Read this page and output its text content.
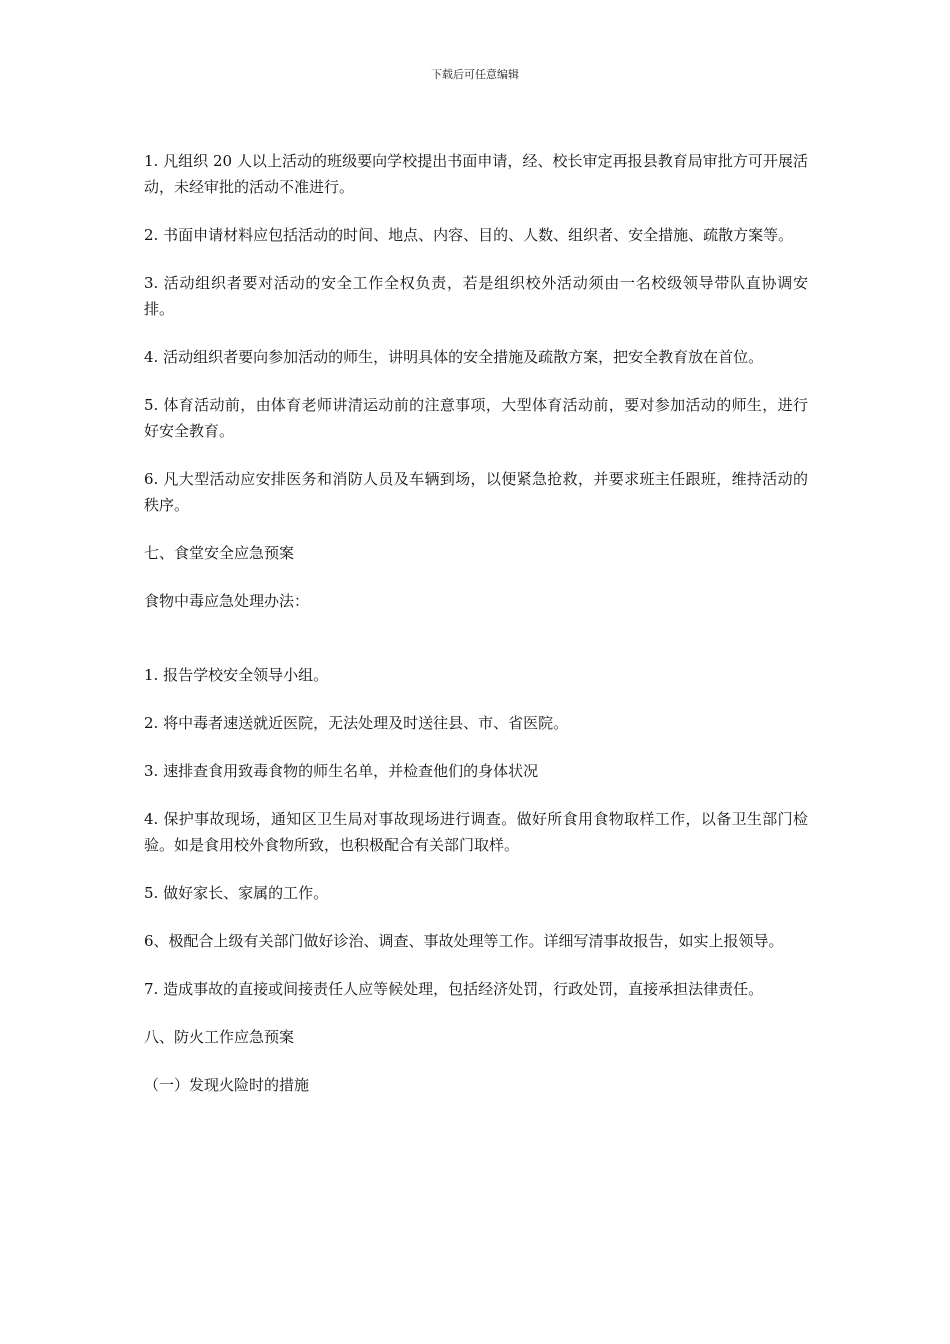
下载后可任意编辑

1. 凡组织 20 人以上活动的班级要向学校提出书面申请，经、校长审定再报县教育局审批方可开展活动，未经审批的活动不准进行。

2. 书面申请材料应包括活动的时间、地点、内容、目的、人数、组织者、安全措施、疏散方案等。

3. 活动组织者要对活动的安全工作全权负责，若是组织校外活动须由一名校级领导带队直协调安排。

4. 活动组织者要向参加活动的师生，讲明具体的安全措施及疏散方案，把安全教育放在首位。

5. 体育活动前，由体育老师讲清运动前的注意事项，大型体育活动前，要对参加活动的师生，进行好安全教育。

6. 凡大型活动应安排医务和消防人员及车辆到场，以便紧急抢救，并要求班主任跟班，维持活动的秩序。

七、食堂安全应急预案

食物中毒应急处理办法：

1. 报告学校安全领导小组。

2. 将中毒者速送就近医院，无法处理及时送往县、市、省医院。

3. 速排查食用致毒食物的师生名单，并检查他们的身体状况

4. 保护事故现场，通知区卫生局对事故现场进行调查。做好所食用食物取样工作，以备卫生部门检验。如是食用校外食物所致，也积极配合有关部门取样。

5. 做好家长、家属的工作。

6、极配合上级有关部门做好诊治、调查、事故处理等工作。详细写清事故报告，如实上报领导。

7. 造成事故的直接或间接责任人应等候处理，包括经济处罚，行政处罚，直接承担法律责任。

八、防火工作应急预案

（一）发现火险时的措施
